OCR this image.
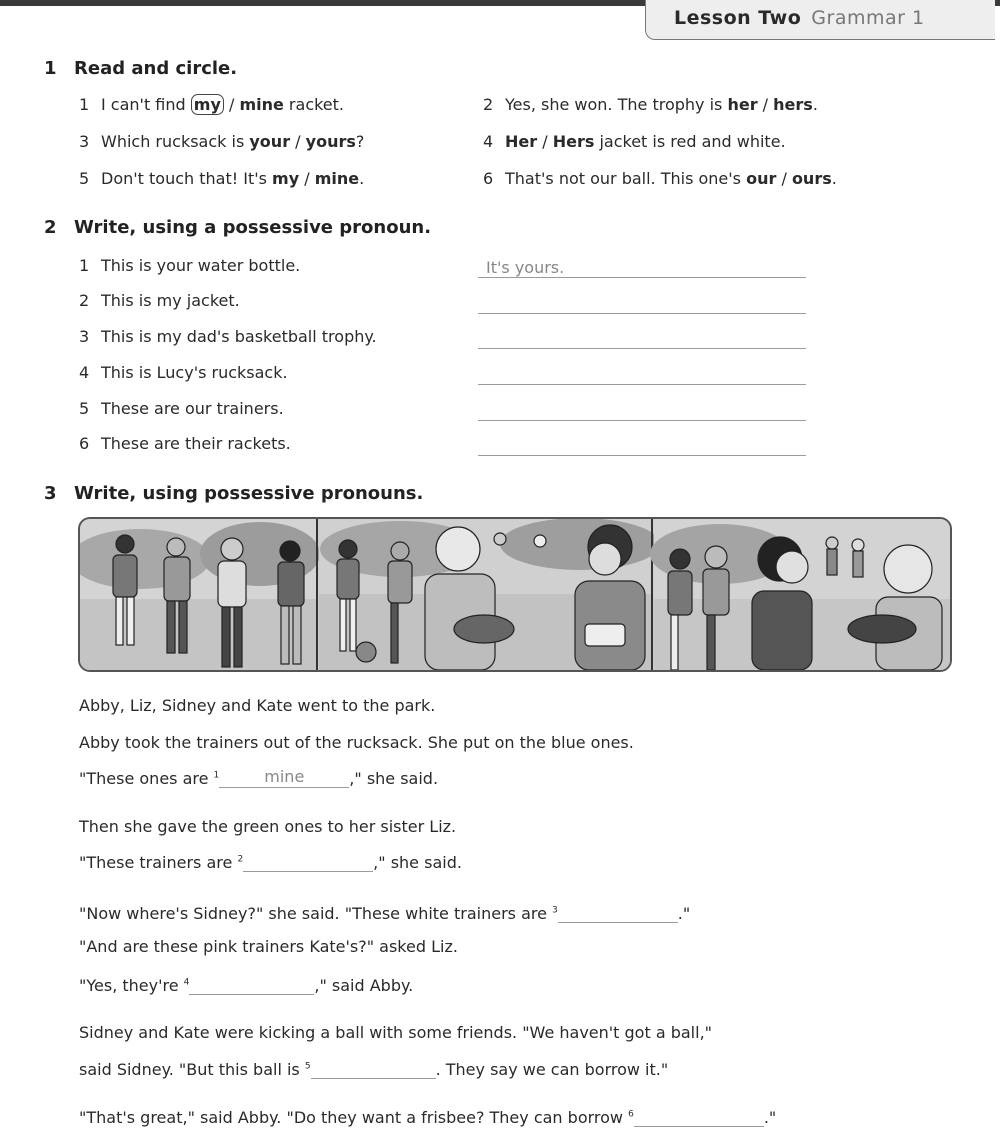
Lesson Two Grammar 1
1 Read and circle.
1 I can't find my / mine racket.	2 Yes, she won. The trophy is her / hers.
3 Which rucksack is your / yours?	4 Her / Hers jacket is red and white.
5 Don't touch that! It's my / mine.	6 That's not our ball. This one's our / ours.
2 Write, using a possessive pronoun.
1 This is your water bottle.	It's yours.
2 This is my jacket.
3 This is my dad's basketball trophy.
4 This is Lucy's rucksack.
5 These are our trainers.
6 These are their rackets.
3 Write, using possessive pronouns.
Abby, Liz, Sidney and Kate went to the park.
Abby took the trainers out of the rucksack. She put on the blue ones.
"These ones are $^1$	mine	," she said.
Then she gave the green ones to her sister Liz.
"These trainers are $^2$	," she said.
"Now where's Sidney?" she said. "These white trainers are $^3$	."
"And are these pink trainers Kate's?" asked Liz.
"Yes, they're $^4$	," said Abby.
Sidney and Kate were kicking a ball with some friends. "We haven't got a ball,"
said Sidney. "But this ball is $^5$	. They say we can borrow it."
"That's great," said Abby. "Do they want a frisbee? They can borrow $^6$	."
